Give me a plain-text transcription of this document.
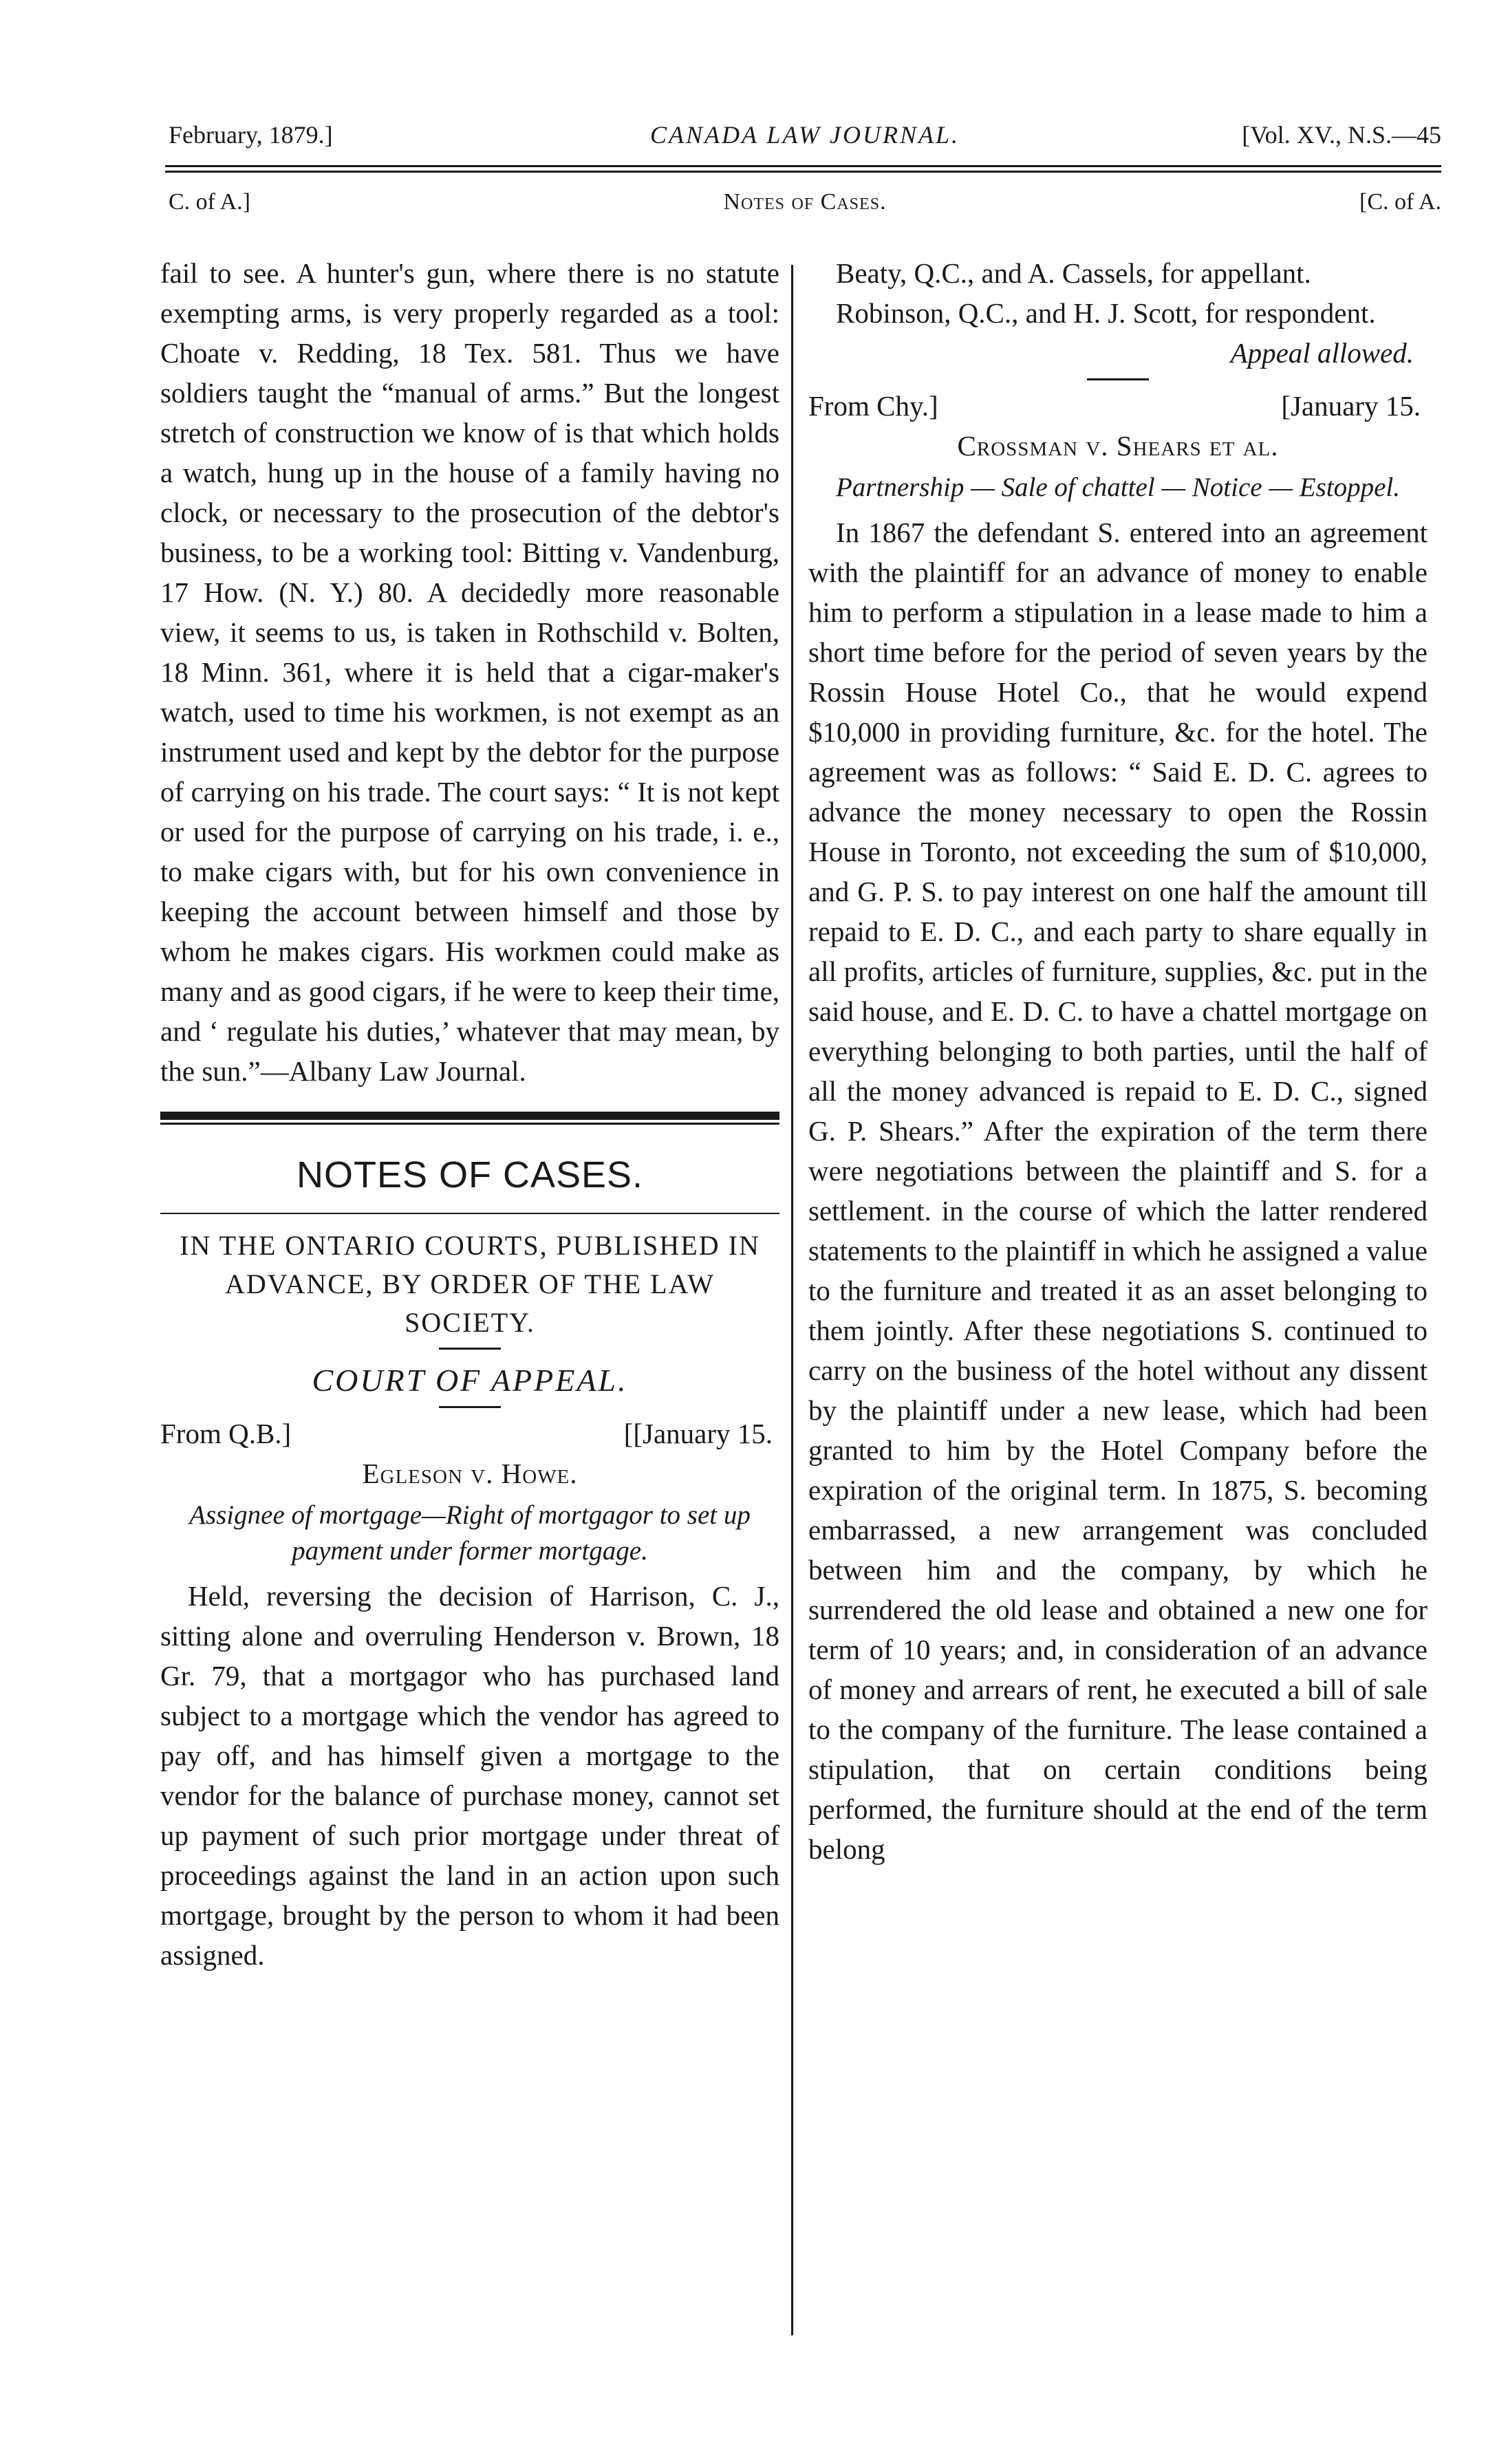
February, 1879.]	CANADA LAW JOURNAL.	[Vol. XV., N.S.—45
C. of A.]	Notes of Cases.	[C. of A.

fail to see. A hunter's gun, where there is no statute exempting arms, is very properly regarded as a tool: Choate v. Redding, 18 Tex. 581. Thus we have soldiers taught the “manual of arms.” But the longest stretch of construction we know of is that which holds a watch, hung up in the house of a family having no clock, or necessary to the prosecution of the debtor's business, to be a working tool: Bitting v. Vandenburg, 17 How. (N. Y.) 80. A decidedly more reasonable view, it seems to us, is taken in Rothschild v. Bolten, 18 Minn. 361, where it is held that a cigar-maker's watch, used to time his workmen, is not exempt as an instrument used and kept by the debtor for the purpose of carrying on his trade. The court says: “ It is not kept or used for the purpose of carrying on his trade, i. e., to make cigars with, but for his own convenience in keeping the account between himself and those by whom he makes cigars. His workmen could make as many and as good cigars, if he were to keep their time, and ‘ regulate his duties,’ whatever that may mean, by the sun.”—Albany Law Journal.

NOTES OF CASES.
IN THE ONTARIO COURTS, PUBLISHED IN ADVANCE, BY ORDER OF THE LAW SOCIETY.
COURT OF APPEAL.
From Q.B.]	[[January 15.
Egleson v. Howe.
Assignee of mortgage—Right of mortgagor to set up payment under former mortgage.

Held, reversing the decision of Harrison, C. J., sitting alone and overruling Henderson v. Brown, 18 Gr. 79, that a mortgagor who has purchased land subject to a mortgage which the vendor has agreed to pay off, and has himself given a mortgage to the vendor for the balance of purchase money, cannot set up payment of such prior mortgage under threat of proceedings against the land in an action upon such mortgage, brought by the person to whom it had been assigned.

Beaty, Q.C., and A. Cassels, for appellant.

Robinson, Q.C., and H. J. Scott, for respondent.

Appeal allowed.

From Chy.]	[January 15.
Crossman v. Shears et al.
Partnership — Sale of chattel — Notice — Estoppel.

In 1867 the defendant S. entered into an agreement with the plaintiff for an advance of money to enable him to perform a stipulation in a lease made to him a short time before for the period of seven years by the Rossin House Hotel Co., that he would expend $10,000 in providing furniture, &c. for the hotel. The agreement was as follows: “ Said E. D. C. agrees to advance the money necessary to open the Rossin House in Toronto, not exceeding the sum of $10,000, and G. P. S. to pay interest on one half the amount till repaid to E. D. C., and each party to share equally in all profits, articles of furniture, supplies, &c. put in the said house, and E. D. C. to have a chattel mortgage on everything belonging to both parties, until the half of all the money advanced is repaid to E. D. C., signed G. P. Shears.” After the expiration of the term there were negotiations between the plaintiff and S. for a settlement. in the course of which the latter rendered statements to the plaintiff in which he assigned a value to the furniture and treated it as an asset belonging to them jointly. After these negotiations S. continued to carry on the business of the hotel without any dissent by the plaintiff under a new lease, which had been granted to him by the Hotel Company before the expiration of the original term. In 1875, S. becoming embarrassed, a new arrangement was concluded between him and the company, by which he surrendered the old lease and obtained a new one for term of 10 years; and, in consideration of an advance of money and arrears of rent, he executed a bill of sale to the company of the furniture. The lease contained a stipulation, that on certain conditions being performed, the furniture should at the end of the term belong
